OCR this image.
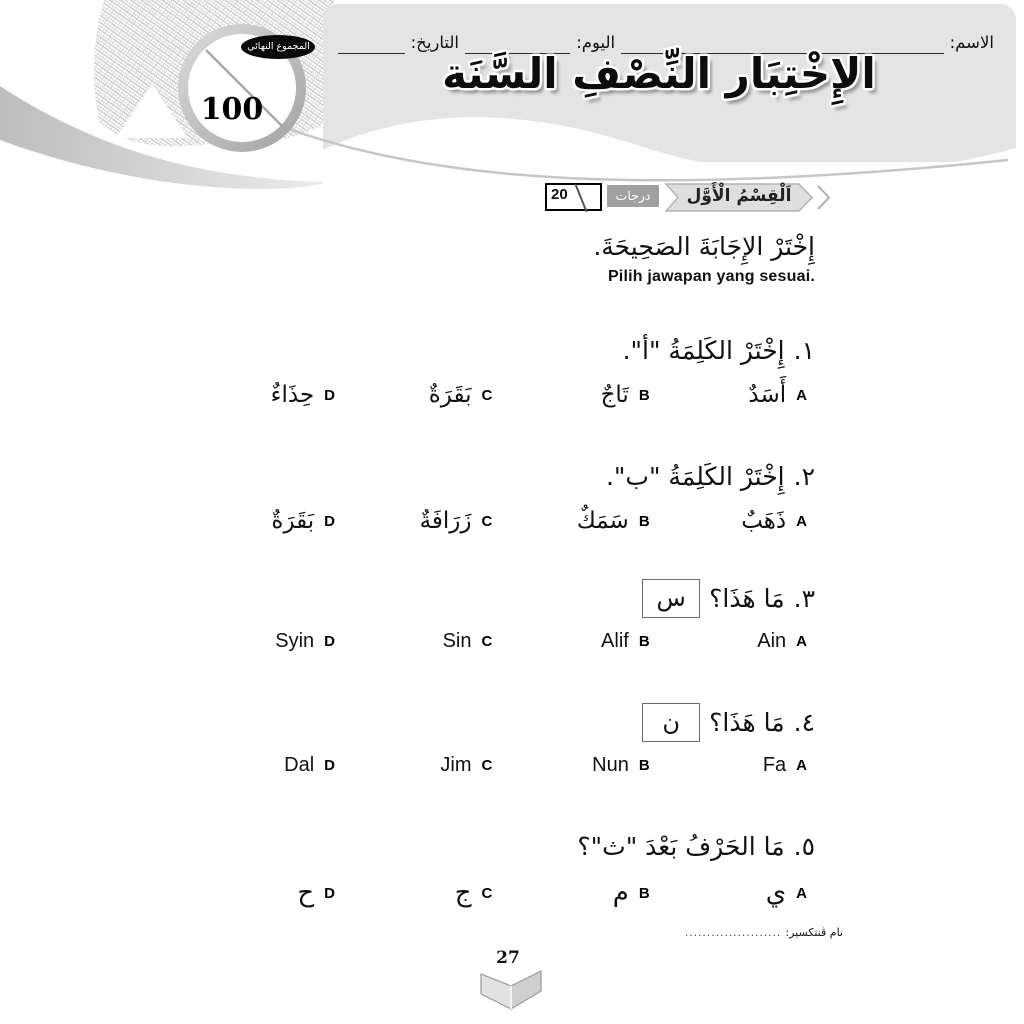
الاسم:
اليوم:
التاريخ:
الإِخْتِبَار النِّصْفِ السَّنَة
المجموع النهائي
100
20	درجات	اَلْقِسْمُ الْأَوَّل
إِخْتَرْ الإِجَابَةَ الصَحِيحَةَ.
Pilih jawapan yang sesuai.
١.
إِخْتَرْ الكَلِمَةُ "أ".
A
أَسَدٌ
B
تَاجٌ
C
بَقَرَةٌ
D
حِذَاءٌ
٢.
إِخْتَرْ الكَلِمَةُ "ب".
A
ذَهَبٌ
B
سَمَكٌ
C
زَرَافَةٌ
D
بَقَرَةٌ
٣.
مَا هَذَا؟
س
A
Ain
B
Alif
C
Sin
D
Syin
٤.
مَا هَذَا؟
ن
A
Fa
B
Nun
C
Jim
D
Dal
٥.
مَا الحَرْفُ بَعْدَ "ث"؟
A
ي
B
م
C
ج
D
ح
نام ڤنتكسير:
......................
27
